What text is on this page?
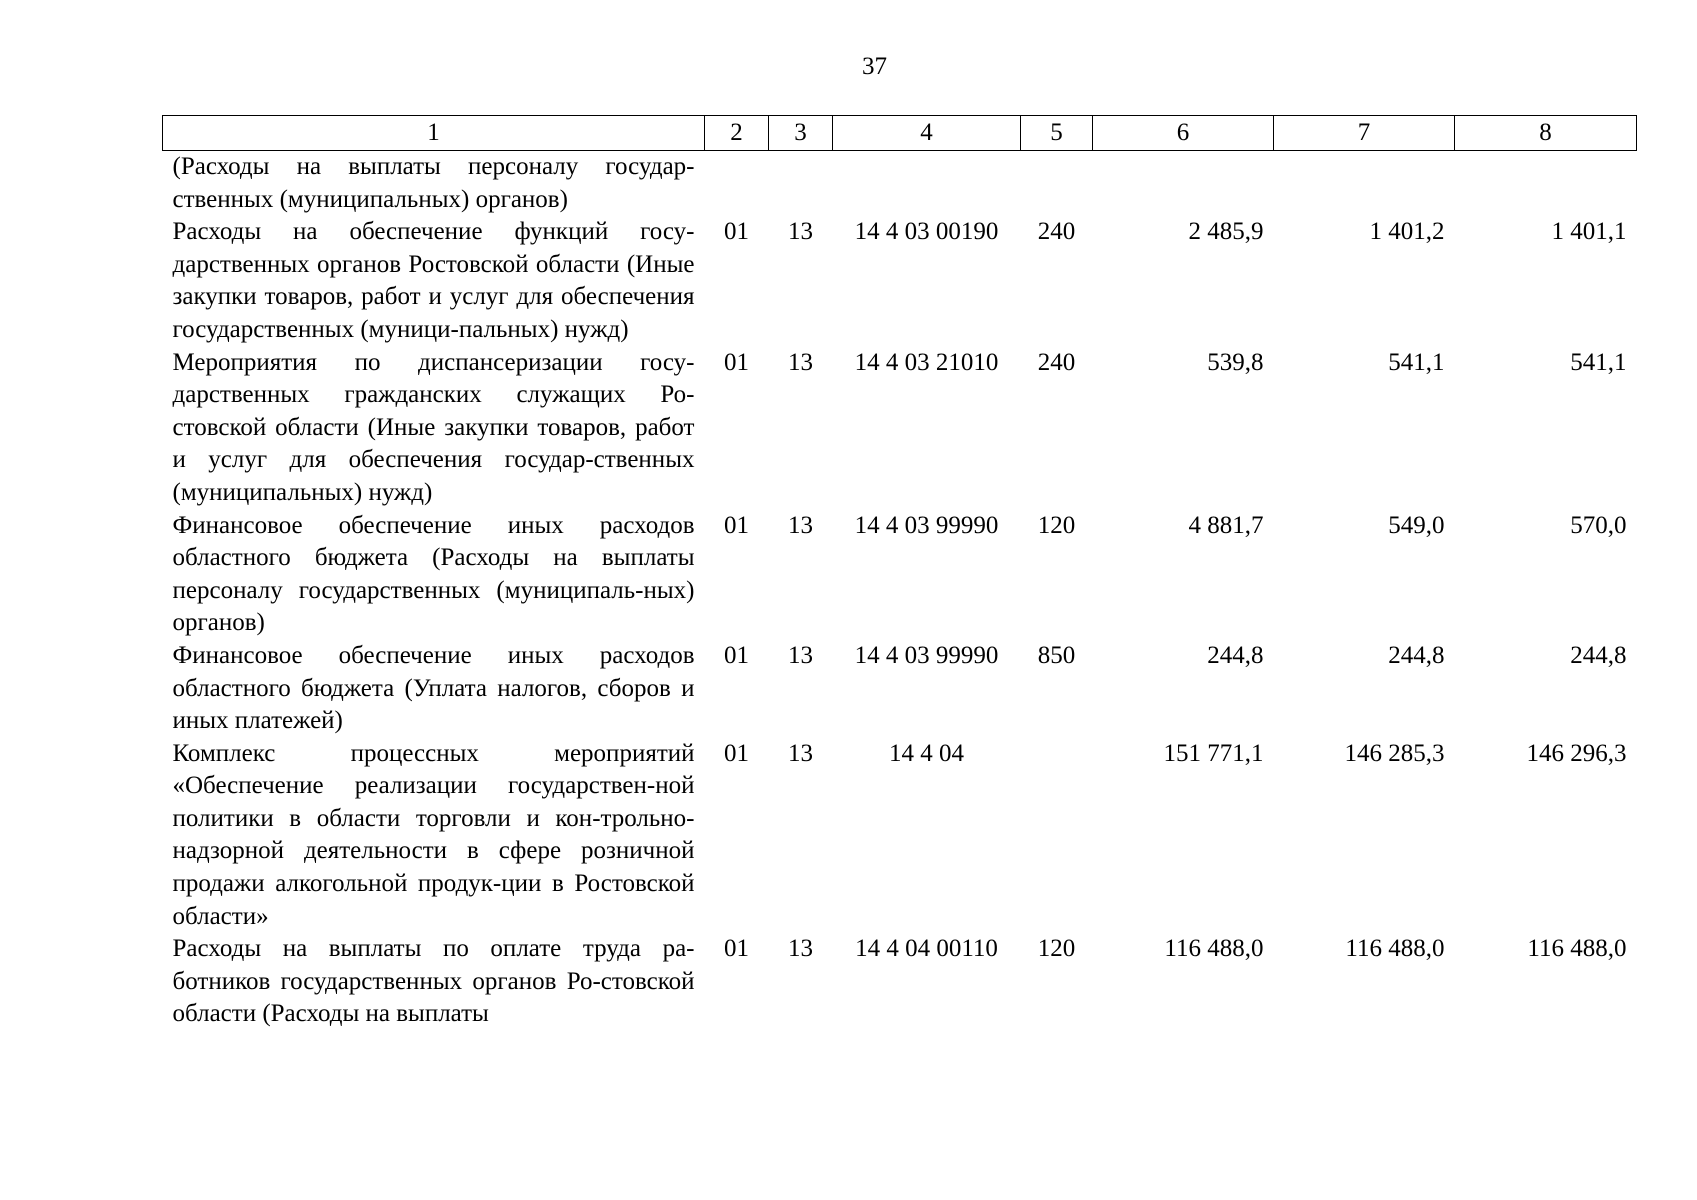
37
1	2	3	4	5	6	7	8
(Расходы на выплаты персоналу государ-ственных (муниципальных) органов)							
Расходы на обеспечение функций госу-дарственных органов Ростовской области (Иные закупки товаров, работ и услуг для обеспечения государственных (муници-пальных) нужд)	01	13	14 4 03 00190	240	2 485,9	1 401,2	1 401,1
Мероприятия по диспансеризации госу-дарственных гражданских служащих Ро-стовской области (Иные закупки товаров, работ и услуг для обеспечения государ-ственных (муниципальных) нужд)	01	13	14 4 03 21010	240	539,8	541,1	541,1
Финансовое обеспечение иных расходов областного бюджета (Расходы на выплаты персоналу государственных (муниципаль-ных) органов)	01	13	14 4 03 99990	120	4 881,7	549,0	570,0
Финансовое обеспечение иных расходов областного бюджета (Уплата налогов, сборов и иных платежей)	01	13	14 4 03 99990	850	244,8	244,8	244,8
Комплекс процессных мероприятий «Обеспечение реализации государствен-ной политики в области торговли и кон-трольно-надзорной деятельности в сфере розничной продажи алкогольной продук-ции в Ростовской области»	01	13	14 4 04		151 771,1	146 285,3	146 296,3
Расходы на выплаты по оплате труда ра-ботников государственных органов Ро-стовской области (Расходы на выплаты	01	13	14 4 04 00110	120	116 488,0	116 488,0	116 488,0
